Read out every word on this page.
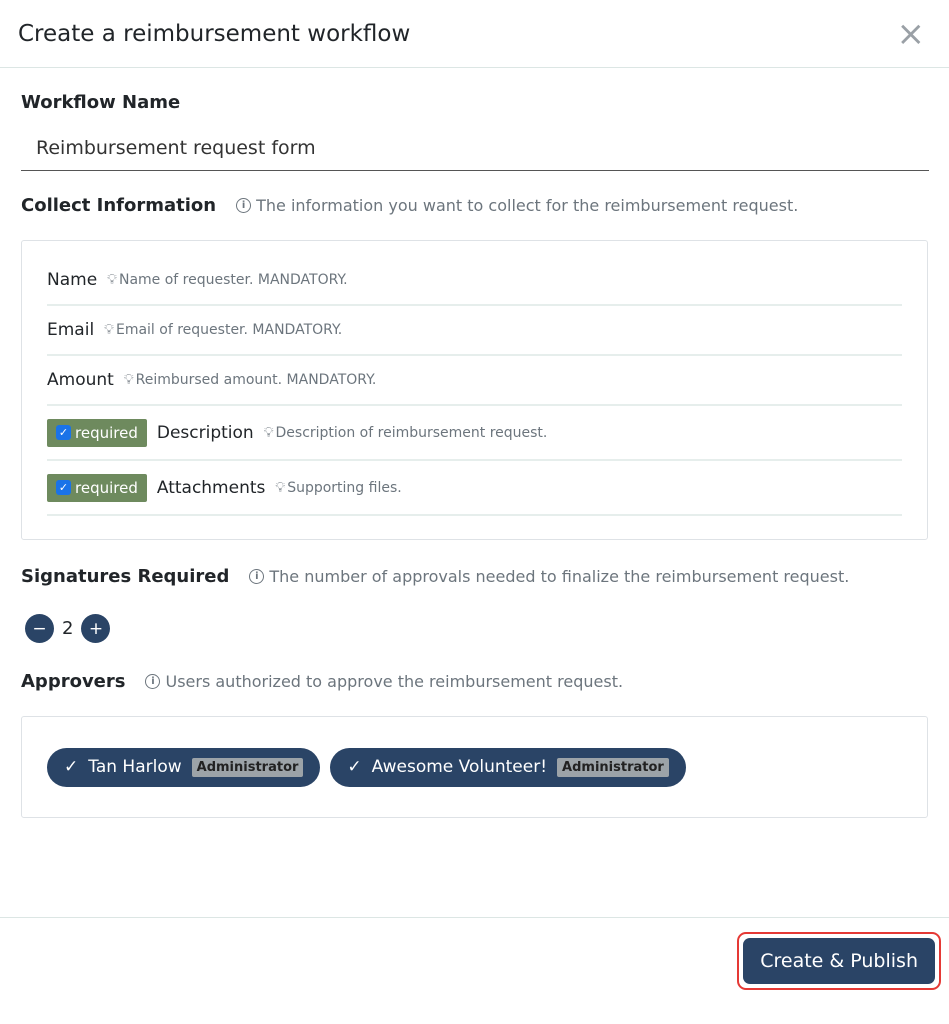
Create a reimbursement workflow	×
Workflow Name
Reimbursement request form
Collect Information	i The information you want to collect for the reimbursement request.
Name 💡︎ Name of requester. MANDATORY.
Email 💡︎ Email of requester. MANDATORY.
Amount 💡︎ Reimbursed amount. MANDATORY.
✓ required Description 💡︎ Description of reimbursement request.
✓ required Attachments 💡︎ Supporting files.
Signatures Required	i The number of approvals needed to finalize the reimbursement request.
− 2 +
Approvers	i Users authorized to approve the reimbursement request.
✓ Tan Harlow	Administrator	✓ Awesome Volunteer!	Administrator
Create & Publish
